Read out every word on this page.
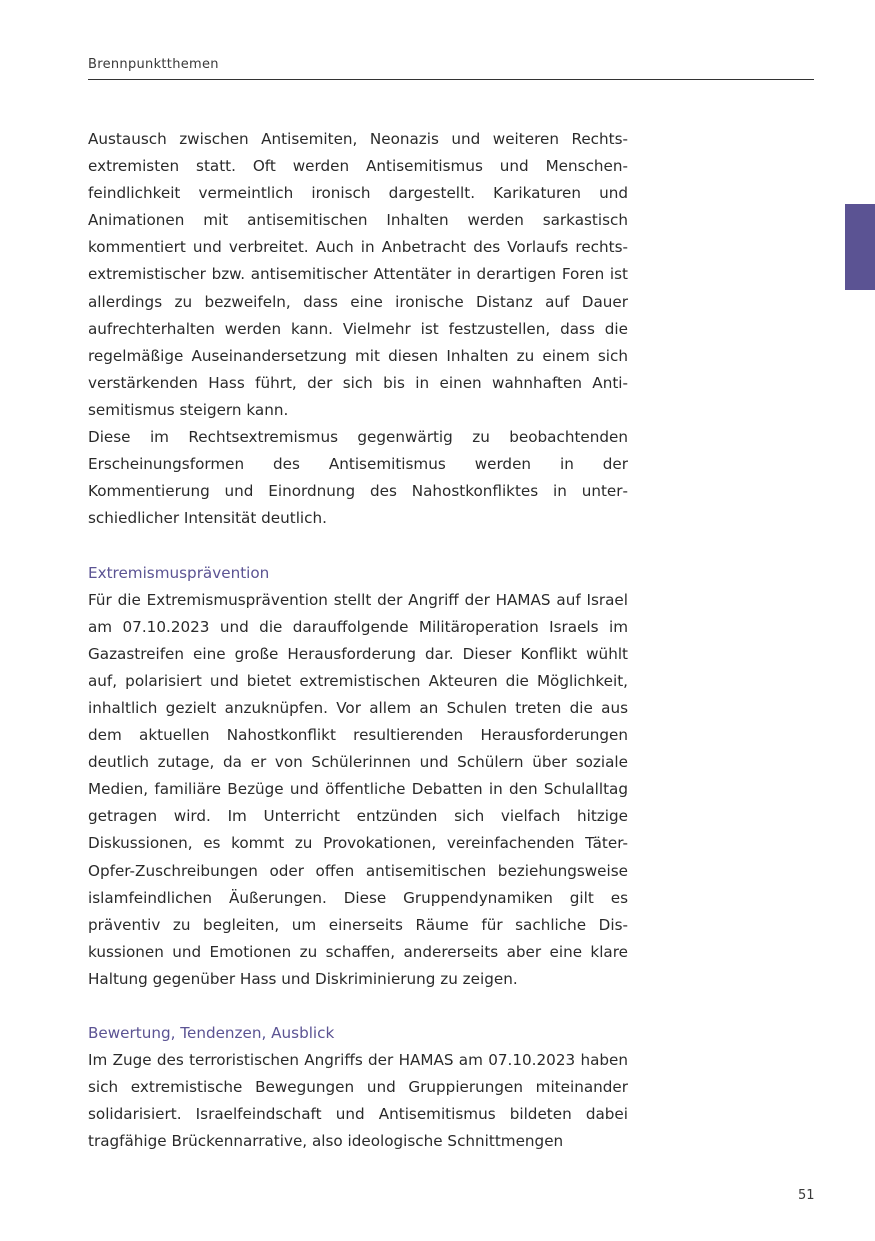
Brennpunktthemen

Austausch zwischen Antisemiten, Neonazis und weiteren Rechtsextremisten statt. Oft werden Antisemitismus und Menschenfeindlichkeit vermeintlich ironisch dargestellt. Karikaturen und Animationen mit antisemitischen Inhalten werden sarkastisch kommentiert und verbreitet. Auch in Anbetracht des Vorlaufs rechtsextremistischer bzw. antisemitischer Attentäter in derartigen Foren ist allerdings zu bezweifeln, dass eine ironische Distanz auf Dauer aufrechterhalten werden kann. Vielmehr ist festzustellen, dass die regelmäßige Auseinandersetzung mit diesen Inhalten zu einem sich verstärkenden Hass führt, der sich bis in einen wahnhaften Antisemitismus steigern kann.

Diese im Rechtsextremismus gegenwärtig zu beobachtenden Erscheinungsformen des Antisemitismus werden in der Kommentierung und Einordnung des Nahostkonfliktes in unterschiedlicher Intensität deutlich.

Extremismusprävention

Für die Extremismusprävention stellt der Angriff der HAMAS auf Israel am 07.10.2023 und die darauffolgende Militäroperation Israels im Gazastreifen eine große Herausforderung dar. Dieser Konflikt wühlt auf, polarisiert und bietet extremistischen Akteuren die Möglichkeit, inhaltlich gezielt anzuknüpfen. Vor allem an Schulen treten die aus dem aktuellen Nahostkonflikt resultierenden Herausforderungen deutlich zutage, da er von Schülerinnen und Schülern über soziale Medien, familiäre Bezüge und öffentliche Debatten in den Schulalltag getragen wird. Im Unterricht entzünden sich vielfach hitzige Diskussionen, es kommt zu Provokationen, vereinfachenden Täter-Opfer-Zuschreibungen oder offen antisemitischen beziehungsweise islamfeindlichen Äußerungen. Diese Gruppendynamiken gilt es präventiv zu begleiten, um einerseits Räume für sachliche Diskussionen und Emotionen zu schaffen, andererseits aber eine klare Haltung gegenüber Hass und Diskriminierung zu zeigen.

Bewertung, Tendenzen, Ausblick

Im Zuge des terroristischen Angriffs der HAMAS am 07.10.2023 haben sich extremistische Bewegungen und Gruppierungen miteinander solidarisiert. Israelfeindschaft und Antisemitismus bildeten dabei tragfähige Brückennarrative, also ideologische Schnittmengen

51
